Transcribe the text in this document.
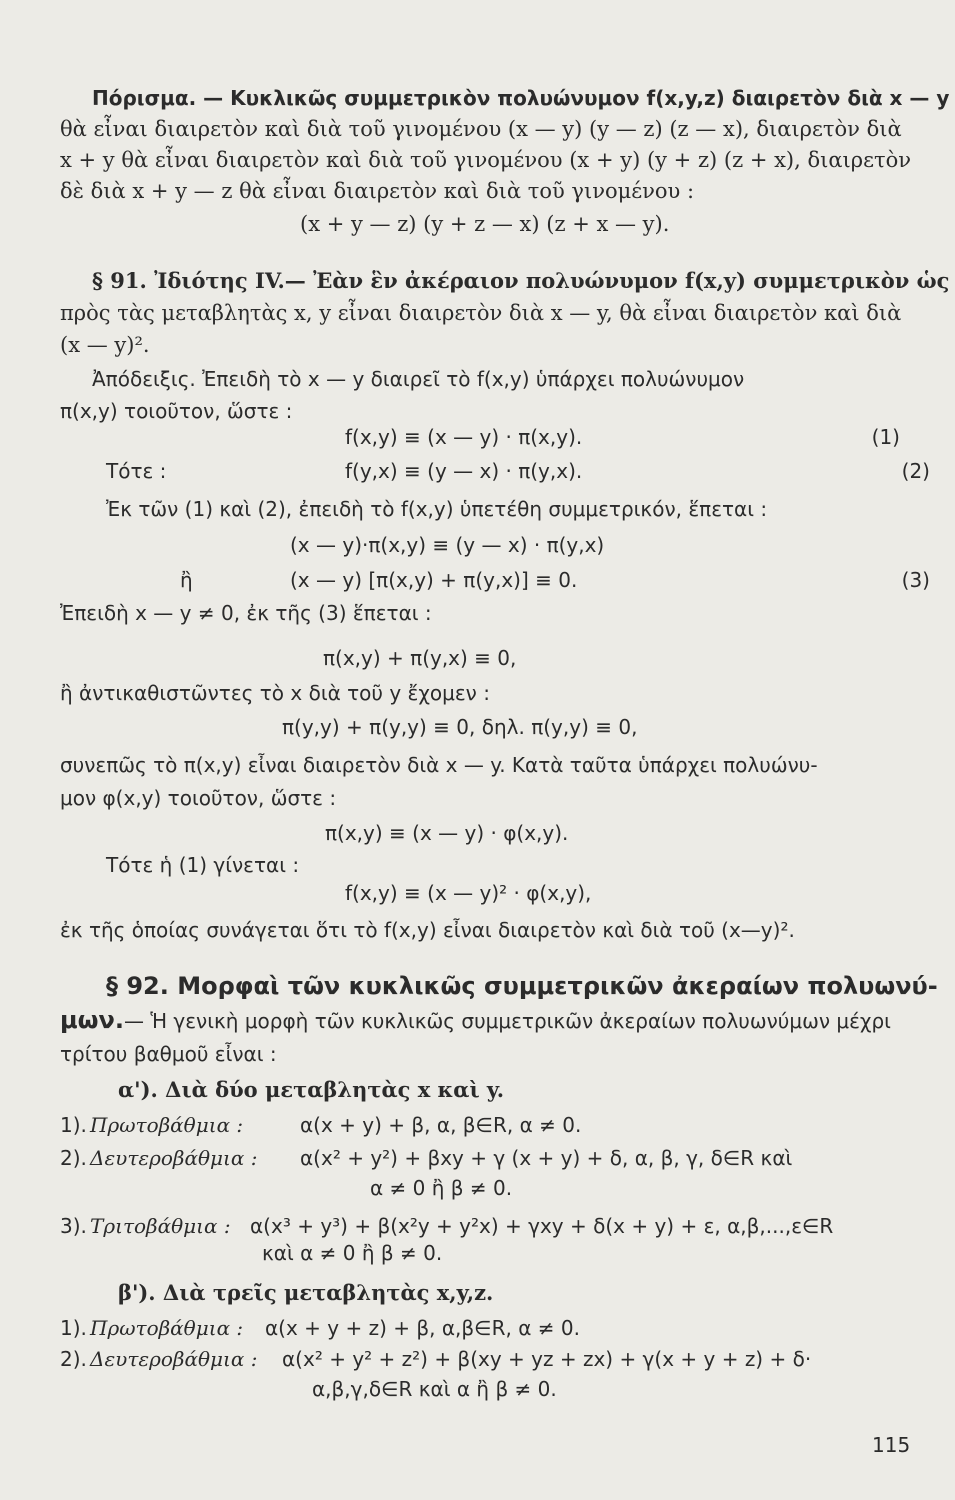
Πόρισμα. — Κυκλικῶς συμμετρικὸν πολυώνυμον f(x,y,z) διαιρετὸν διὰ x — y
θὰ εἶναι διαιρετὸν καὶ διὰ τοῦ γινομένου (x — y) (y — z) (z — x), διαιρετὸν διὰ
x + y θὰ εἶναι διαιρετὸν καὶ διὰ τοῦ γινομένου (x + y) (y + z) (z + x), διαιρετὸν
δὲ διὰ x + y — z θὰ εἶναι διαιρετὸν καὶ διὰ τοῦ γινομένου :
(x + y — z) (y + z — x) (z + x — y).
§ 91. Ἰδιότης IV.— Ἐὰν ἓν ἀκέραιον πολυώνυμον f(x,y) συμμετρικὸν ὡς
πρὸς τὰς μεταβλητὰς x, y εἶναι διαιρετὸν διὰ x — y, θὰ εἶναι διαιρετὸν καὶ διὰ
(x — y)².
Ἀπόδειξις. Ἐπειδὴ τὸ x — y διαιρεῖ τὸ f(x,y) ὑπάρχει πολυώνυμον
π(x,y) τοιοῦτον, ὥστε :
f(x,y) ≡ (x — y) · π(x,y).	(1)
Τότε :	f(y,x) ≡ (y — x) · π(y,x).	(2)
Ἐκ τῶν (1) καὶ (2), ἐπειδὴ τὸ f(x,y) ὑπετέθη συμμετρικόν, ἕπεται :
(x — y)·π(x,y) ≡ (y — x) · π(y,x)
ἢ	(x — y) [π(x,y) + π(y,x)] ≡ 0.	(3)
Ἐπειδὴ x — y ≠ 0, ἐκ τῆς (3) ἕπεται :
π(x,y) + π(y,x) ≡ 0,
ἢ ἀντικαθιστῶντες τὸ x διὰ τοῦ y ἔχομεν :
π(y,y) + π(y,y) ≡ 0, δηλ. π(y,y) ≡ 0,
συνεπῶς τὸ π(x,y) εἶναι διαιρετὸν διὰ x — y. Κατὰ ταῦτα ὑπάρχει πολυώνυ-
μον φ(x,y) τοιοῦτον, ὥστε :
π(x,y) ≡ (x — y) · φ(x,y).
Τότε ἡ (1) γίνεται :
f(x,y) ≡ (x — y)² · φ(x,y),
ἐκ τῆς ὁποίας συνάγεται ὅτι τὸ f(x,y) εἶναι διαιρετὸν καὶ διὰ τοῦ (x—y)².
§ 92. Μορφαὶ τῶν κυκλικῶς συμμετρικῶν ἀκεραίων πολυωνύ-
μων.— Ἡ γενικὴ μορφὴ τῶν κυκλικῶς συμμετρικῶν ἀκεραίων πολυωνύμων μέχρι
τρίτου βαθμοῦ εἶναι :
α'). Διὰ δύο μεταβλητὰς x καὶ y.
1). Πρωτοβάθμια :	α(x + y) + β, α, β∈R, α ≠ 0.
2). Δευτεροβάθμια : α(x² + y²) + βxy + γ (x + y) + δ, α, β, γ, δ∈R καὶ
α ≠ 0 ἢ β ≠ 0.
3). Τριτοβάθμια : α(x³ + y³) + β(x²y + y²x) + γxy + δ(x + y) + ε, α,β,...,ε∈R
καὶ α ≠ 0 ἢ β ≠ 0.
β'). Διὰ τρεῖς μεταβλητὰς x,y,z.
1). Πρωτοβάθμια : α(x + y + z) + β, α,β∈R, α ≠ 0.
2). Δευτεροβάθμια : α(x² + y² + z²) + β(xy + yz + zx) + γ(x + y + z) + δ·
α,β,γ,δ∈R καὶ α ἢ β ≠ 0.
115
